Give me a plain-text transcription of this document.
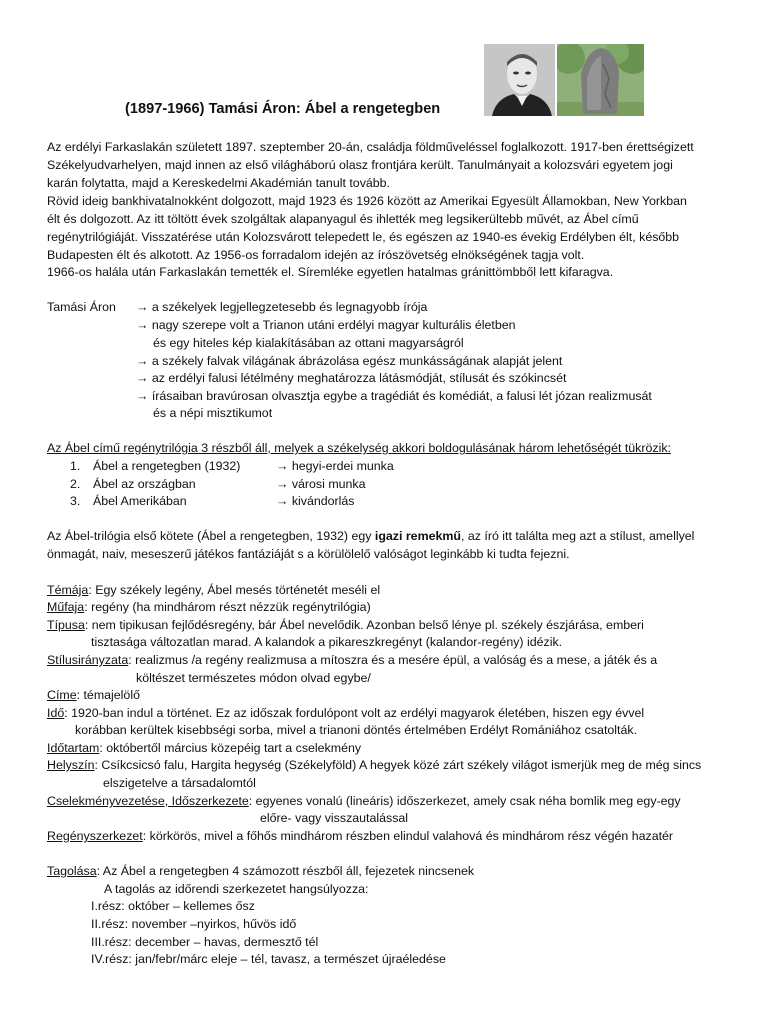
(1897-1966) Tamási Áron: Ábel a rengetegben
Az erdélyi Farkaslakán született 1897. szeptember 20-án, családja földműveléssel foglalkozott. 1917-ben érettségizett
Székelyudvarhelyen, majd innen az első világháború olasz frontjára került. Tanulmányait a kolozsvári egyetem jogi
karán folytatta, majd a Kereskedelmi Akadémián tanult tovább.
Rövid ideig bankhivatalnokként dolgozott, majd 1923 és 1926 között az Amerikai Egyesült Államokban, New Yorkban
élt és dolgozott. Az itt töltött évek szolgáltak alapanyagul és ihlették meg legsikerültebb művét, az Ábel című
regénytrilógiáját. Visszatérése után Kolozsvárott telepedett le, és egészen az 1940-es évekig Erdélyben élt, később
Budapesten élt és alkotott. Az 1956-os forradalom idején az írószövetség elnökségének tagja volt.
1966-os halála után Farkaslakán temették el. Síremléke egyetlen hatalmas gránittömbből lett kifaragva.
Tamási Áron → a székelyek legjellegzetesebb és legnagyobb írója
→ nagy szerepe volt a Trianon utáni erdélyi magyar kulturális életben
és egy hiteles kép kialakításában az ottani magyarságról
→ a székely falvak világának ábrázolása egész munkásságának alapját jelent
→ az erdélyi falusi létélmény meghatározza látásmódját, stílusát és szókincsét
→ írásaiban bravúrosan olvasztja egybe a tragédiát és komédiát, a falusi lét józan realizmusát
és a népi misztikumot
Az Ábel című regénytrilógia 3 részből áll, melyek a székelység akkori boldogulásának három lehetőségét tükrözik:
1. Ábel a rengetegben (1932)	→ hegyi-erdei munka
2. Ábel az országban	→ városi munka
3. Ábel Amerikában	→ kivándorlás
Az Ábel-trilógia első kötete (Ábel a rengetegben, 1932) egy igazi remekmű, az író itt találta meg azt a stílust, amellyel
önmagát, naiv, meseszerű játékos fantáziáját s a körülölelő valóságot leginkább ki tudta fejezni.
Témája: Egy székely legény, Ábel mesés történetét meséli el
Műfaja: regény (ha mindhárom részt nézzük regénytrilógia)
Típusa: nem tipikusan fejlődésregény, bár Ábel nevelődik. Azonban belső lénye pl. székely észjárása, emberi
tisztasága változatlan marad. A kalandok a pikareszkregényt (kalandor-regény) idézik.
Stílusirányzata: realizmus /a regény realizmusa a mítoszra és a mesére épül, a valóság és a mese, a játék és a
költészet természetes módon olvad egybe/
Címe: témajelölő
Idő: 1920-ban indul a történet. Ez az időszak fordulópont volt az erdélyi magyarok életében, hiszen egy évvel
korábban kerültek kisebbségi sorba, mivel a trianoni döntés értelmében Erdélyt Romániához csatolták.
Időtartam: októbertől március közepéig tart a cselekmény
Helyszín: Csíkcsicsó falu, Hargita hegység (Székelyföld) A hegyek közé zárt székely világot ismerjük meg de még sincs
elszigetelve a társadalomtól
Cselekményvezetése, Időszerkezete: egyenes vonalú (lineáris) időszerkezet, amely csak néha bomlik meg egy-egy
előre- vagy visszautalással
Regényszerkezet: körkörös, mivel a főhős mindhárom részben elindul valahová és mindhárom rész végén hazatér
Tagolása: Az Ábel a rengetegben 4 számozott részből áll, fejezetek nincsenek
A tagolás az időrendi szerkezetet hangsúlyozza:
I.rész: október – kellemes ősz
II.rész: november –nyirkos, hűvös idő
III.rész: december – havas, dermesztő tél
IV.rész: jan/febr/márc eleje – tél, tavasz, a természet újraéledése
